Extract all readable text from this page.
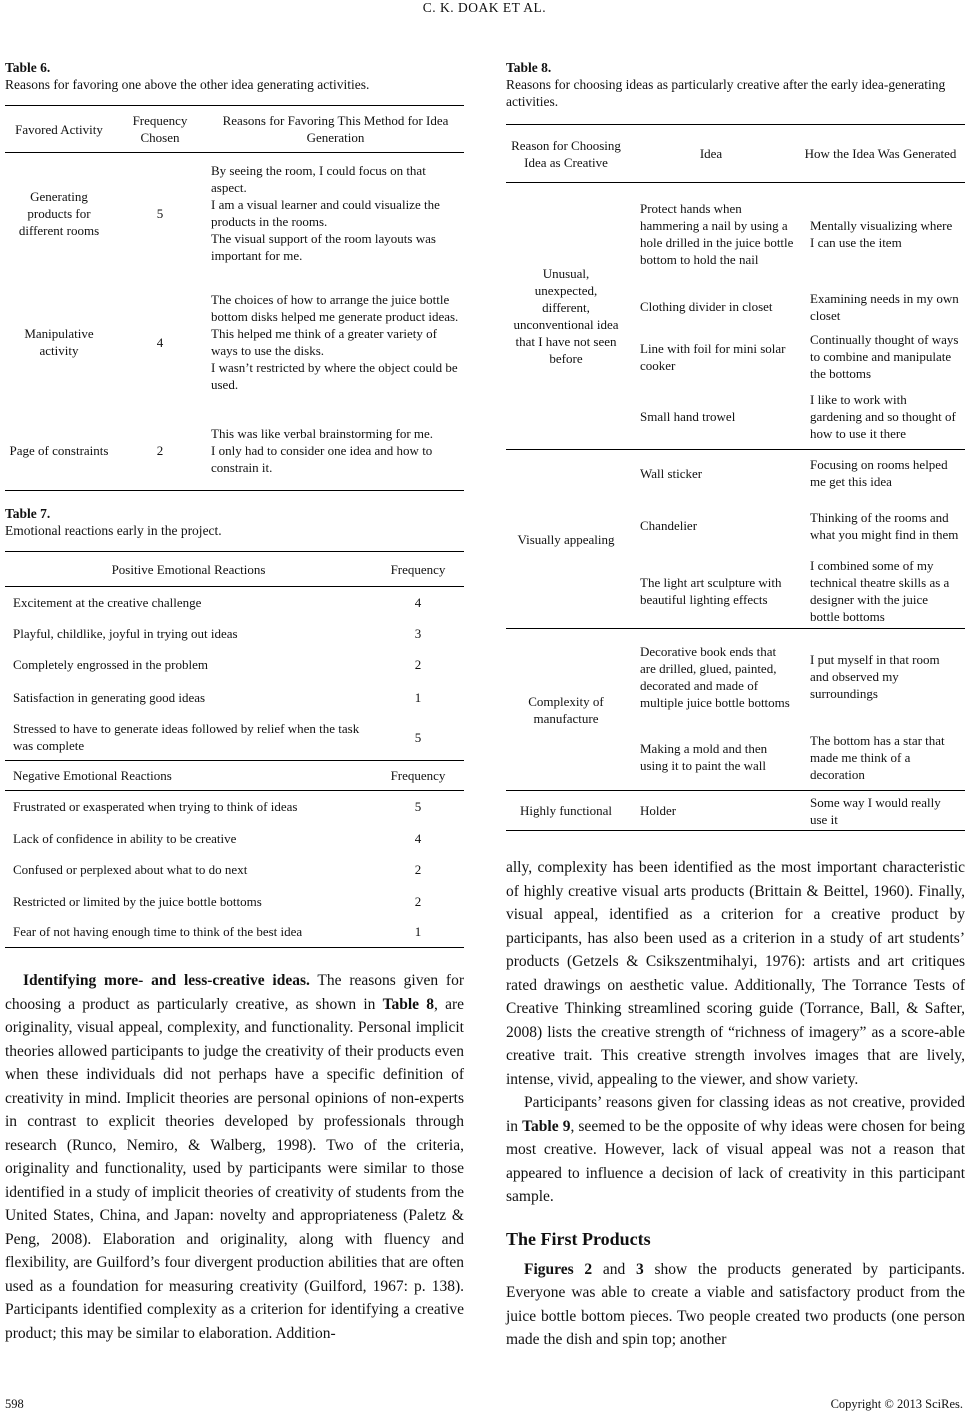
C. K. DOAK ET AL.
Table 6.
Reasons for favoring one above the other idea generating activities.
Favored Activity	Frequency Chosen	Reasons for Favoring This Method for Idea Generation
Generating products for different rooms	5	By seeing the room, I could focus on that aspect.
I am a visual learner and could visualize the products in the rooms.
The visual support of the room layouts was important for me.

Manipulative activity	4	The choices of how to arrange the juice bottle bottom disks helped me generate product ideas.
This helped me think of a greater variety of ways to use the disks.
I wasn’t restricted by where the object could be used.

Page of constraints	2	This was like verbal brainstorming for me.
I only had to consider one idea and how to constrain it.
Table 7.
Emotional reactions early in the project.
Positive Emotional Reactions	Frequency
Excitement at the creative challenge	4
Playful, childlike, joyful in trying out ideas	3
Completely engrossed in the problem	2
Satisfaction in generating good ideas	1
Stressed to have to generate ideas followed by relief when the task was complete	5
Negative Emotional Reactions	Frequency
Frustrated or exasperated when trying to think of ideas	5
Lack of confidence in ability to be creative	4
Confused or perplexed about what to do next	2
Restricted or limited by the juice bottle bottoms	2
Fear of not having enough time to think of the best idea	1

Identifying more- and less-creative ideas. The reasons given for choosing a product as particularly creative, as shown in Table 8, are originality, visual appeal, complexity, and functionality. Personal implicit theories allowed participants to judge the creativity of their products even when these individuals did not perhaps have a specific definition of creativity in mind. Implicit theories are personal opinions of non-experts in contrast to explicit theories developed by professionals through research (Runco, Nemiro, & Walberg, 1998). Two of the criteria, originality and functionality, used by participants were similar to those identified in a study of implicit theories of creativity of students from the United States, China, and Japan: novelty and appropriateness (Paletz & Peng, 2008). Elaboration and originality, along with fluency and flexibility, are Guilford’s four divergent production abilities that are often used as a foundation for measuring creativity (Guilford, 1967: p. 138). Participants identified complexity as a criterion for identifying a creative product; this may be similar to elaboration. Addition-

Table 8.
Reasons for choosing ideas as particularly creative after the early idea-generating activities.
Reason for Choosing Idea as Creative	Idea	How the Idea Was Generated
Unusual, unexpected, different, unconventional idea that I have not seen before	Protect hands when hammering a nail by using a hole drilled in the juice bottle bottom to hold the nail	Mentally visualizing where I can use the item
	Clothing divider in closet	Examining needs in my own closet
	Line with foil for mini solar cooker	Continually thought of ways to combine and manipulate the bottoms
	Small hand trowel	I like to work with gardening and so thought of how to use it there
Visually appealing	Wall sticker	Focusing on rooms helped me get this idea
	Chandelier	Thinking of the rooms and what you might find in them
	The light art sculpture with beautiful lighting effects	I combined some of my technical theatre skills as a designer with the juice bottle bottoms
Complexity of manufacture	Decorative book ends that are drilled, glued, painted, decorated and made of multiple juice bottle bottoms	I put myself in that room and observed my surroundings
	Making a mold and then using it to paint the wall	The bottom has a star that made me think of a decoration
Highly functional	Holder	Some way I would really use it

ally, complexity has been identified as the most important characteristic of highly creative visual arts products (Brittain & Beittel, 1960). Finally, visual appeal, identified as a criterion for a creative product by participants, has also been used as a criterion in a study of art students’ products (Getzels & Csikszentmihalyi, 1976): artists and art critiques rated drawings on aesthetic value. Additionally, The Torrance Tests of Creative Thinking streamlined scoring guide (Torrance, Ball, & Safter, 2008) lists the creative strength of “richness of imagery” as a score-able creative trait. This creative strength involves images that are lively, intense, vivid, appealing to the viewer, and show variety.

Participants’ reasons given for classing ideas as not creative, provided in Table 9, seemed to be the opposite of why ideas were chosen for being most creative. However, lack of visual appeal was not a reason that appeared to influence a decision of lack of creativity in this participant sample.

The First Products

Figures 2 and 3 show the products generated by participants. Everyone was able to create a viable and satisfactory product from the juice bottle bottom pieces. Two people created two products (one person made the dish and spin top; another

598	Copyright © 2013 SciRes.
